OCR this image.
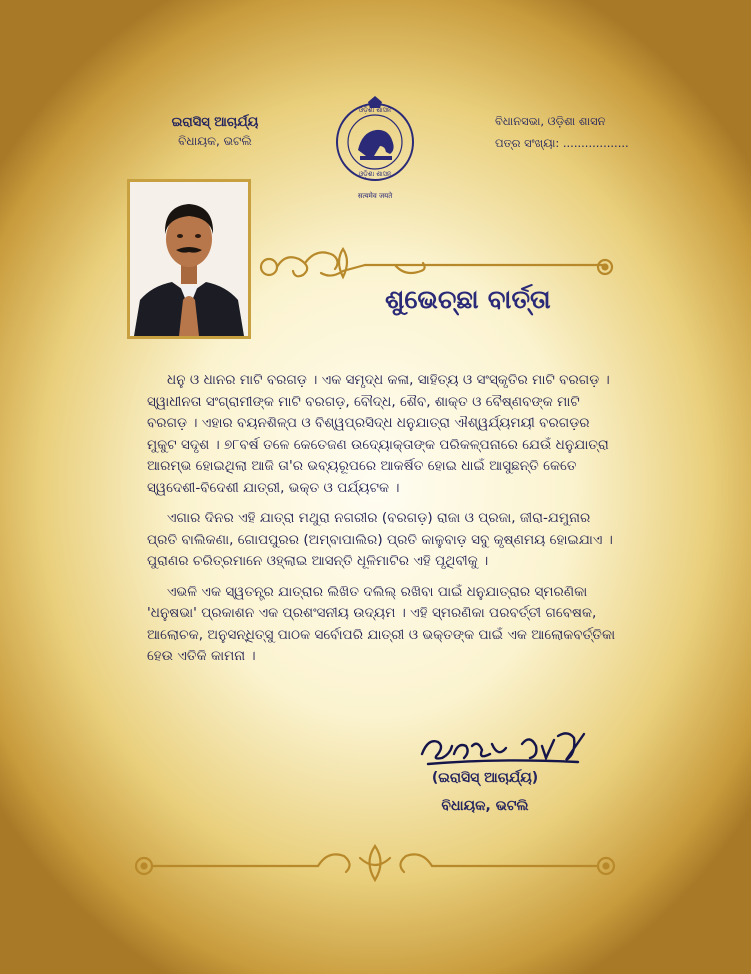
ଇରାସିସ୍ ଆଚାର୍ଯ୍ୟ
ବିଧାୟକ, ଭଟଲି
ଓଡ଼ିଶା ଶାସନ
ଓଡ଼ିଶା ଶାସନ
सत्यमेव जयते
ବିଧାନସଭା, ଓଡ଼ିଶା ଶାସନ
ପତ୍ର ସଂଖ୍ୟା: ..................
ଶୁଭେଚ୍ଛା ବାର୍ତ୍ତା

ଧନୁ ଓ ଧାନର ମାଟି ବରଗଡ଼ । ଏକ ସମୃଦ୍ଧ କଳା, ସାହିତ୍ୟ ଓ ସଂସ୍କୃତିର ମାଟି ବରଗଡ଼ । ସ୍ୱାଧୀନତା ସଂଗ୍ରାମୀଙ୍କ ମାଟି ବରଗଡ଼, ବୌଦ୍ଧ, ଶୈବ, ଶାକ୍ତ ଓ ବୈଷ୍ଣବଙ୍କ ମାଟି ବରଗଡ଼ । ଏହାର ବୟନଶିଳ୍ପ ଓ ବିଶ୍ୱପ୍ରସିଦ୍ଧ ଧନୁଯାତ୍ରା ଐଶ୍ୱର୍ଯ୍ୟମୟୀ ବରଗଡ଼ର ମୁକୁଟ ସଦୃଶ । ୭୮ବର୍ଷ ତଳେ କେତେଜଣ ଉଦ୍ୟୋକ୍ତାଙ୍କ ପରିକଳ୍ପନାରେ ଯେଉଁ ଧନୁଯାତ୍ରା ଆରମ୍ଭ ହୋଇଥିଲା ଆଜି ତା'ର ଭବ୍ୟରୂପରେ ଆକର୍ଷିତ ହୋଇ ଧାଇଁ ଆସୁଛନ୍ତି କେତେ ସ୍ୱଦେଶୀ-ବିଦେଶୀ ଯାତ୍ରୀ, ଭକ୍ତ ଓ ପର୍ଯ୍ୟଟକ ।

ଏଗାର ଦିନର ଏହି ଯାତ୍ରା ମଥୁରା ନଗରୀର (ବରଗଡ଼) ରାଜା ଓ ପ୍ରଜା, ଜୀରା-ଯମୁନାର ପ୍ରତି ବାଲିକଣା, ଗୋପପୁରର (ଅମ୍ବାପାଲିର) ପ୍ରତି କାଳୁବାଡ଼ ସବୁ କୃଷ୍ଣମୟ ହୋଇଯାଏ । ପୁରାଣର ଚରିତ୍ରମାନେ ଓହ୍ଲାଇ ଆସନ୍ତି ଧୂଳିମାଟିର ଏହି ପୃଥିବୀକୁ ।

ଏଭଳି ଏକ ସ୍ୱତନ୍ତ୍ର ଯାତ୍ରାର ଲିଖିତ ଦଲିଲ୍ ରଖିବା ପାଇଁ ଧନୁଯାତ୍ରାର ସ୍ମରଣିକା 'ଧନୁଷଭା' ପ୍ରକାଶନ ଏକ ପ୍ରଶଂସନୀୟ ଉଦ୍ୟମ । ଏହି ସ୍ମରଣିକା ପରବର୍ତ୍ତୀ ଗବେଷକ, ଆଲୋଚକ, ଅନୁସନ୍ଧିତ୍ସୁ ପାଠକ ସର୍ବୋପରି ଯାତ୍ରୀ ଓ ଭକ୍ତଙ୍କ ପାଇଁ ଏକ ଆଲୋକବର୍ତ୍ତିକା ହେଉ ଏତିକି କାମନା ।

(ଇରାସିସ୍ ଆଚାର୍ଯ୍ୟ)
ବିଧାୟକ, ଭଟଲି
